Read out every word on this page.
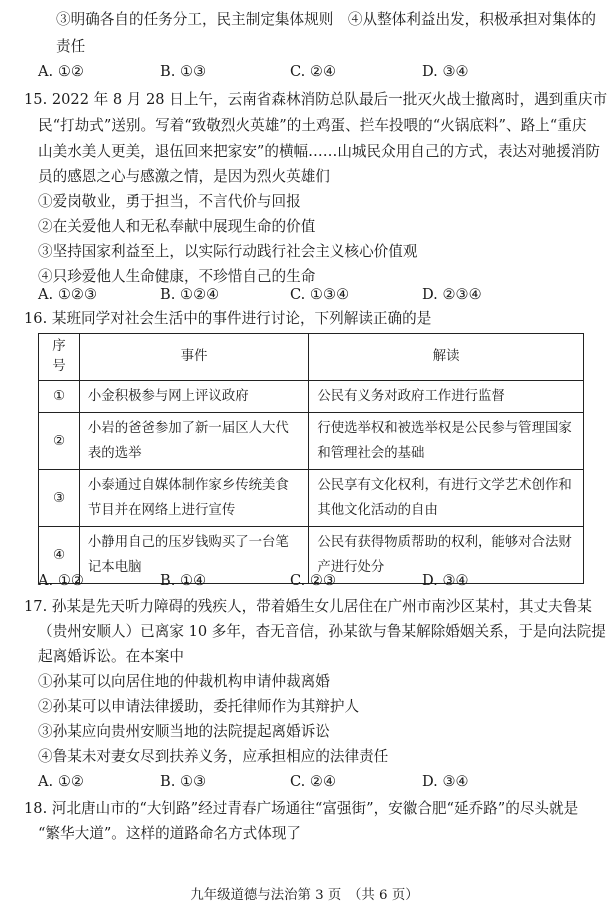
③明确各自的任务分工，民主制定集体规则　④从整体利益出发，积极承担对集体的
责任
A. ①②	B. ①③	C. ②④	D. ③④
15. 2022 年 8 月 28 日上午，云南省森林消防总队最后一批灭火战士撤离时，遇到重庆市
民“打劫式”送别。写着“致敬烈火英雄”的土鸡蛋、拦车投喂的“火锅底料”、路上“重庆
山美水美人更美，退伍回来把家安”的横幅……山城民众用自己的方式，表达对驰援消防
员的感恩之心与感激之情，是因为烈火英雄们
①爱岗敬业，勇于担当，不言代价与回报
②在关爱他人和无私奉献中展现生命的价值
③坚持国家利益至上，以实际行动践行社会主义核心价值观
④只珍爱他人生命健康，不珍惜自己的生命
A. ①②③	B. ①②④	C. ①③④	D. ②③④
16. 某班同学对社会生活中的事件进行讨论，下列解读正确的是
序号	事件	解读
①	小金积极参与网上评议政府	公民有义务对政府工作进行监督
②	小岩的爸爸参加了新一届区人大代表的选举	行使选举权和被选举权是公民参与管理国家和管理社会的基础
③	小泰通过自媒体制作家乡传统美食节目并在网络上进行宣传	公民享有文化权利，有进行文学艺术创作和其他文化活动的自由
④	小静用自己的压岁钱购买了一台笔记本电脑	公民有获得物质帮助的权利，能够对合法财产进行处分
A. ①②	B. ①④	C. ②③	D. ③④
17. 孙某是先天听力障碍的残疾人，带着婚生女儿居住在广州市南沙区某村，其丈夫鲁某
（贵州安顺人）已离家 10 多年，杳无音信，孙某欲与鲁某解除婚姻关系，于是向法院提
起离婚诉讼。在本案中
①孙某可以向居住地的仲裁机构申请仲裁离婚
②孙某可以申请法律援助，委托律师作为其辩护人
③孙某应向贵州安顺当地的法院提起离婚诉讼
④鲁某未对妻女尽到扶养义务，应承担相应的法律责任
A. ①②	B. ①③	C. ②④	D. ③④
18. 河北唐山市的“大钊路”经过青春广场通往“富强街”，安徽合肥“延乔路”的尽头就是
“繁华大道”。这样的道路命名方式体现了
九年级道德与法治第 3 页　（共 6 页）
